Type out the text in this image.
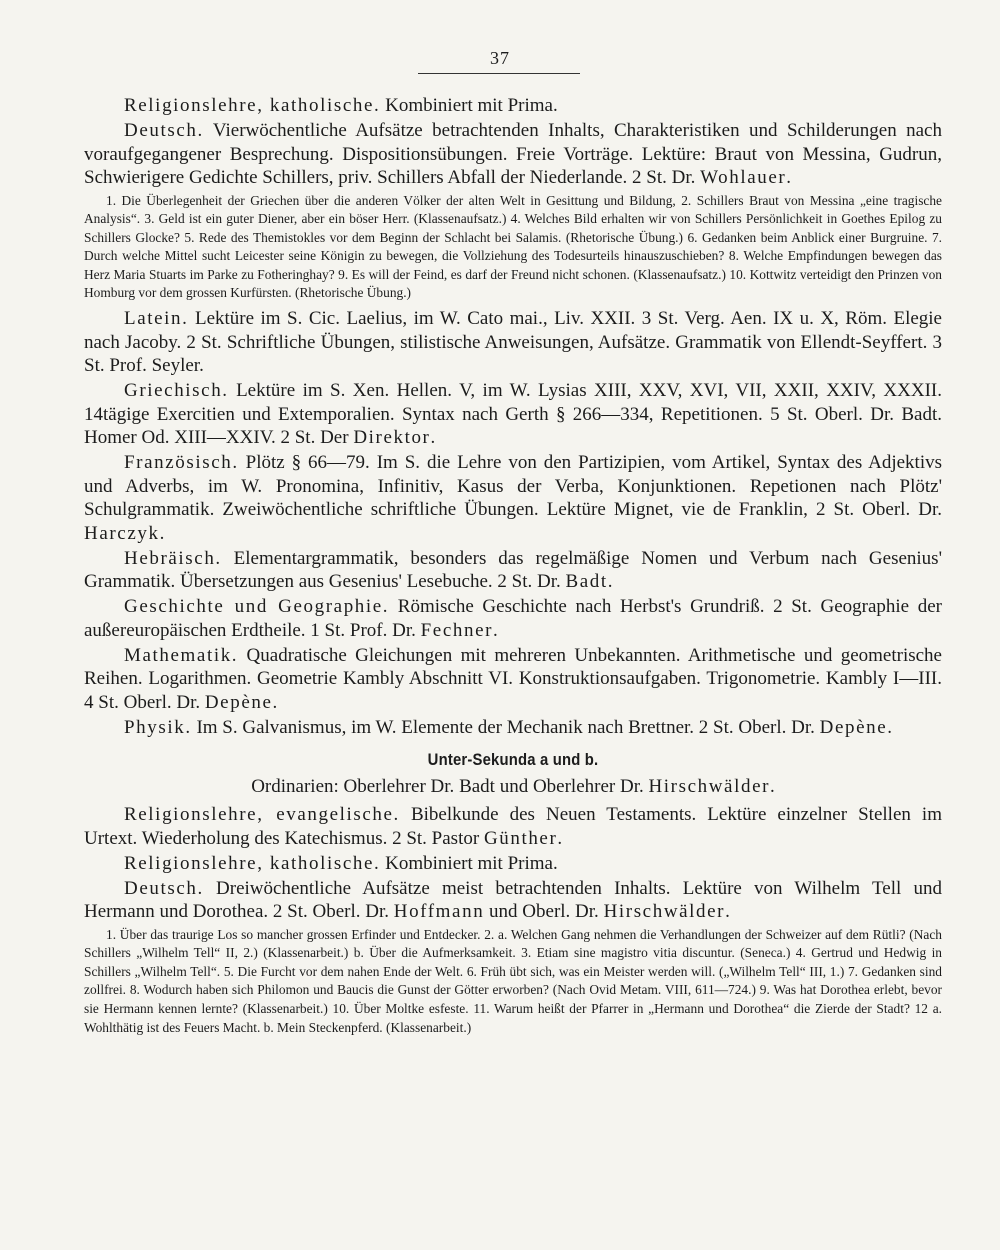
37

Religionslehre, katholische. Kombiniert mit Prima.

Deutsch. Vierwöchentliche Aufsätze betrachtenden Inhalts, Charakteristiken und Schilderungen nach voraufgegangener Besprechung. Dispositionsübungen. Freie Vorträge. Lektüre: Braut von Messina, Gudrun, Schwierigere Gedichte Schillers, priv. Schillers Abfall der Niederlande. 2 St. Dr. Wohlauer.

1. Die Überlegenheit der Griechen über die anderen Völker der alten Welt in Gesittung und Bildung, 2. Schillers Braut von Messina „eine tragische Analysis“. 3. Geld ist ein guter Diener, aber ein böser Herr. (Klassenaufsatz.) 4. Welches Bild erhalten wir von Schillers Persönlichkeit in Goethes Epilog zu Schillers Glocke? 5. Rede des Themistokles vor dem Beginn der Schlacht bei Salamis. (Rhetorische Übung.) 6. Gedanken beim Anblick einer Burgruine. 7. Durch welche Mittel sucht Leicester seine Königin zu bewegen, die Vollziehung des Todesurteils hinauszuschieben? 8. Welche Empfindungen bewegen das Herz Maria Stuarts im Parke zu Fotheringhay? 9. Es will der Feind, es darf der Freund nicht schonen. (Klassenaufsatz.) 10. Kottwitz verteidigt den Prinzen von Homburg vor dem grossen Kurfürsten. (Rhetorische Übung.)

Latein. Lektüre im S. Cic. Laelius, im W. Cato mai., Liv. XXII. 3 St. Verg. Aen. IX u. X, Röm. Elegie nach Jacoby. 2 St. Schriftliche Übungen, stilistische Anweisungen, Aufsätze. Grammatik von Ellendt-Seyffert. 3 St. Prof. Seyler.

Griechisch. Lektüre im S. Xen. Hellen. V, im W. Lysias XIII, XXV, XVI, VII, XXII, XXIV, XXXII. 14tägige Exercitien und Extemporalien. Syntax nach Gerth § 266—334, Repetitionen. 5 St. Oberl. Dr. Badt. Homer Od. XIII—XXIV. 2 St. Der Direktor.

Französisch. Plötz § 66—79. Im S. die Lehre von den Partizipien, vom Artikel, Syntax des Adjektivs und Adverbs, im W. Pronomina, Infinitiv, Kasus der Verba, Konjunktionen. Repetionen nach Plötz' Schulgrammatik. Zweiwöchentliche schriftliche Übungen. Lektüre Mignet, vie de Franklin, 2 St. Oberl. Dr. Harczyk.

Hebräisch. Elementargrammatik, besonders das regelmäßige Nomen und Verbum nach Gesenius' Grammatik. Übersetzungen aus Gesenius' Lesebuche. 2 St. Dr. Badt.

Geschichte und Geographie. Römische Geschichte nach Herbst's Grundriß. 2 St. Geographie der außereuropäischen Erdtheile. 1 St. Prof. Dr. Fechner.

Mathematik. Quadratische Gleichungen mit mehreren Unbekannten. Arithmetische und geometrische Reihen. Logarithmen. Geometrie Kambly Abschnitt VI. Konstruktionsaufgaben. Trigonometrie. Kambly I—III. 4 St. Oberl. Dr. Depène.

Physik. Im S. Galvanismus, im W. Elemente der Mechanik nach Brettner. 2 St. Oberl. Dr. Depène.

Unter-Sekunda a und b.

Ordinarien: Oberlehrer Dr. Badt und Oberlehrer Dr. Hirschwälder.

Religionslehre, evangelische. Bibelkunde des Neuen Testaments. Lektüre einzelner Stellen im Urtext. Wiederholung des Katechismus. 2 St. Pastor Günther.

Religionslehre, katholische. Kombiniert mit Prima.

Deutsch. Dreiwöchentliche Aufsätze meist betrachtenden Inhalts. Lektüre von Wilhelm Tell und Hermann und Dorothea. 2 St. Oberl. Dr. Hoffmann und Oberl. Dr. Hirschwälder.

1. Über das traurige Los so mancher grossen Erfinder und Entdecker. 2. a. Welchen Gang nehmen die Verhandlungen der Schweizer auf dem Rütli? (Nach Schillers „Wilhelm Tell“ II, 2.) (Klassenarbeit.) b. Über die Aufmerksamkeit. 3. Etiam sine magistro vitia discuntur. (Seneca.) 4. Gertrud und Hedwig in Schillers „Wilhelm Tell“. 5. Die Furcht vor dem nahen Ende der Welt. 6. Früh übt sich, was ein Meister werden will. („Wilhelm Tell“ III, 1.) 7. Gedanken sind zollfrei. 8. Wodurch haben sich Philomon und Baucis die Gunst der Götter erworben? (Nach Ovid Metam. VIII, 611—724.) 9. Was hat Dorothea erlebt, bevor sie Hermann kennen lernte? (Klassenarbeit.) 10. Über Moltke esfeste. 11. Warum heißt der Pfarrer in „Hermann und Dorothea“ die Zierde der Stadt? 12 a. Wohlthätig ist des Feuers Macht. b. Mein Steckenpferd. (Klassenarbeit.)
